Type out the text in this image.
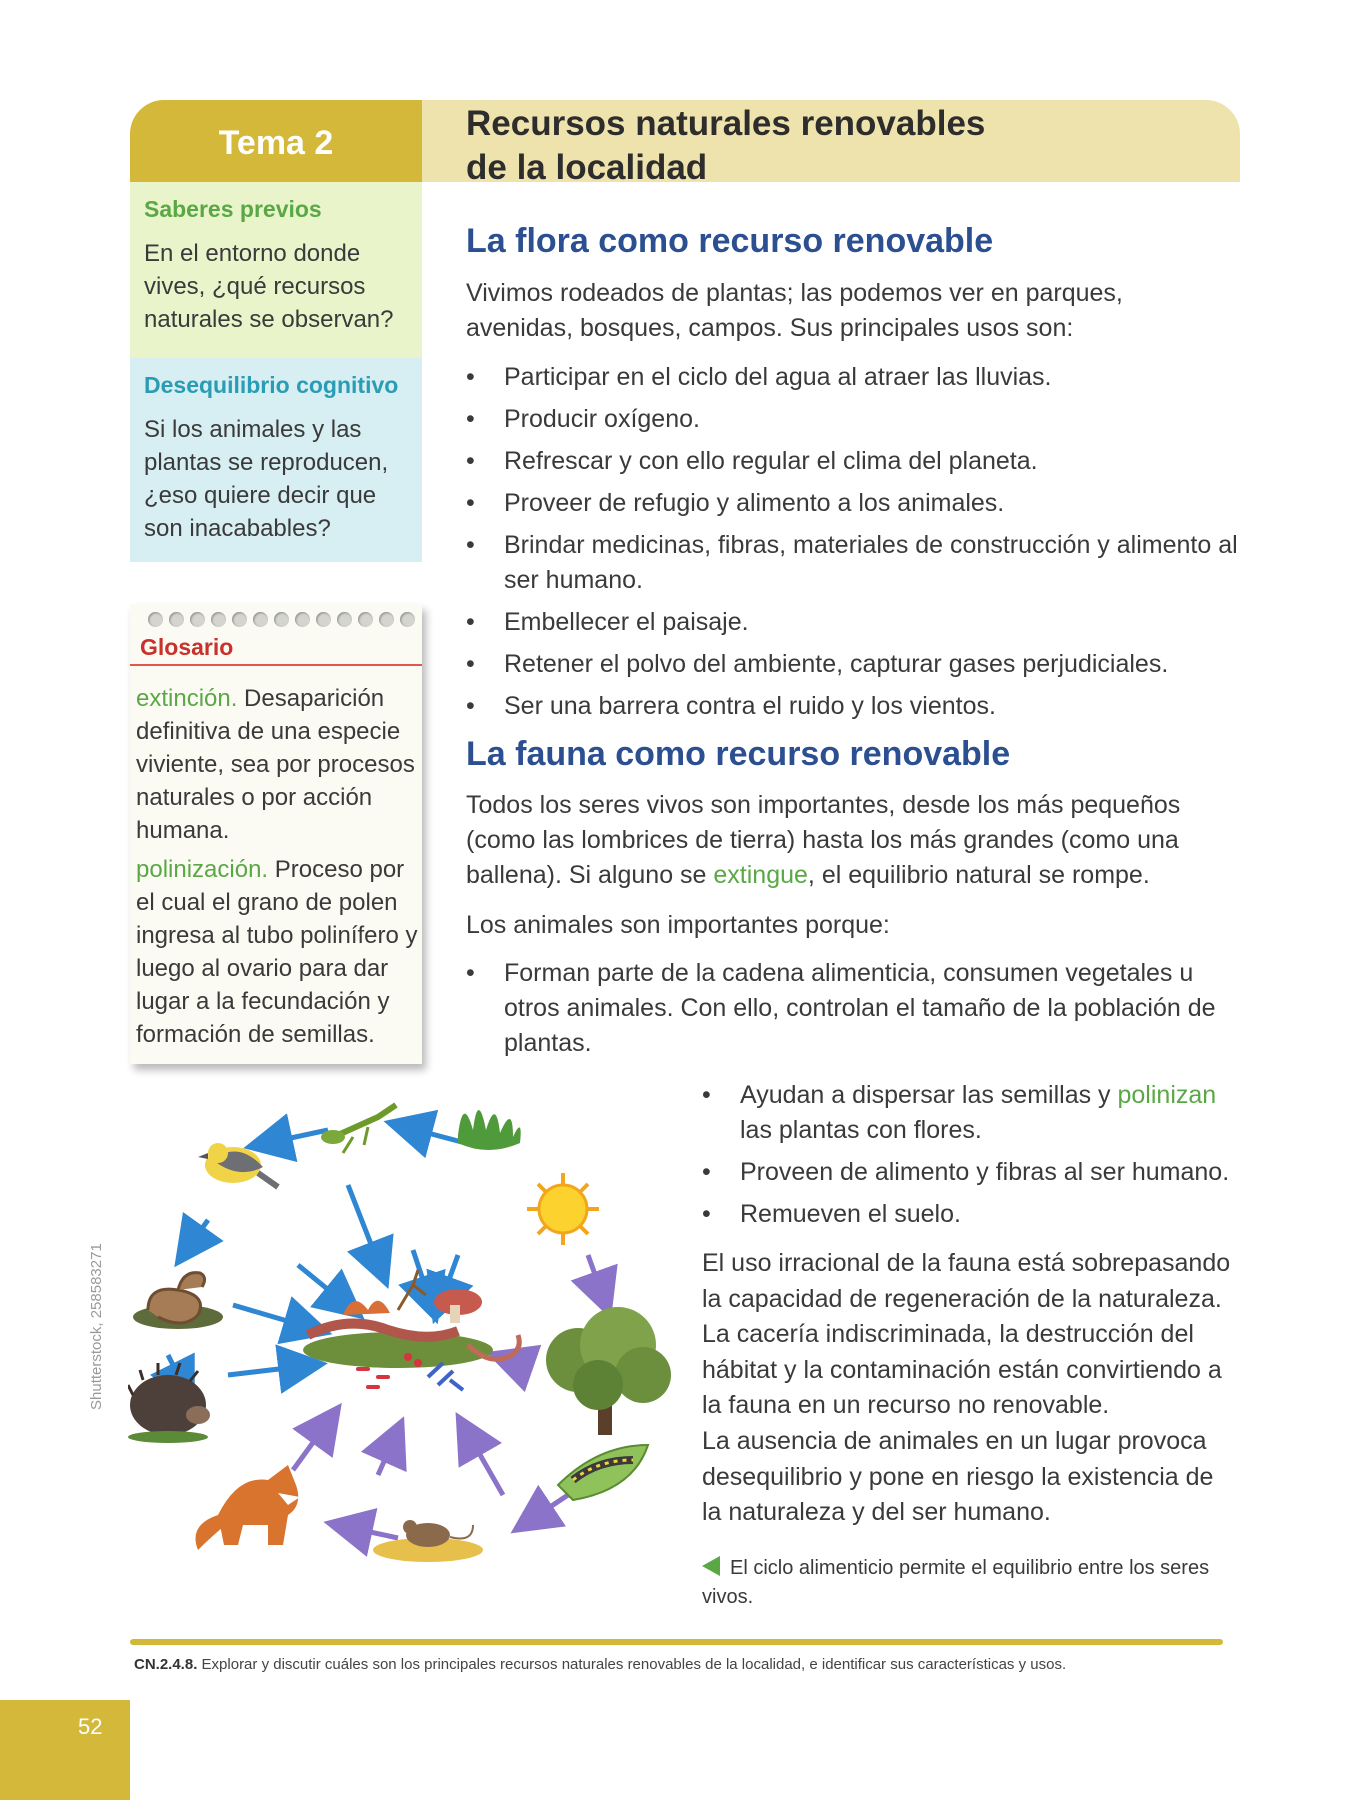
Tema 2	Recursos naturales renovables
de la localidad
Saberes previos

En el entorno donde vives, ¿qué recursos naturales se observan?

Desequilibrio cognitivo

Si los animales y las plantas se reproducen, ¿eso quiere decir que son inacabables?

Glosario

extinción. Desaparición definitiva de una especie viviente, sea por procesos naturales o por acción humana.

polinización. Proceso por el cual el grano de polen ingresa al tubo polinífero y luego al ovario para dar lugar a la fecundación y formación de semillas.

La flora como recurso renovable

Vivimos rodeados de plantas; las podemos ver en parques, avenidas, bosques, campos. Sus principales usos son:

• Participar en el ciclo del agua al atraer las lluvias.
• Producir oxígeno.
• Refrescar y con ello regular el clima del planeta.
• Proveer de refugio y alimento a los animales.
• Brindar medicinas, fibras, materiales de construcción y alimento al ser humano.
• Embellecer el paisaje.
• Retener el polvo del ambiente, capturar gases perjudiciales.
• Ser una barrera contra el ruido y los vientos.
La fauna como recurso renovable

Todos los seres vivos son importantes, desde los más pequeños (como las lombrices de tierra) hasta los más grandes (como una ballena). Si alguno se extingue, el equilibrio natural se rompe.

Los animales son importantes porque:

• Forman parte de la cadena alimenticia, consumen vegetales u otros animales. Con ello, controlan el tamaño de la población de plantas.
• Ayudan a dispersar las semillas y polinizan las plantas con flores.
• Proveen de alimento y fibras al ser humano.
• Remueven el suelo.

El uso irracional de la fauna está sobrepasando la capacidad de regeneración de la naturaleza. La cacería indiscriminada, la destrucción del hábitat y la contaminación están convirtiendo a la fauna en un recurso no renovable.

La ausencia de animales en un lugar provoca desequilibrio y pone en riesgo la existencia de la naturaleza y del ser humano.

El ciclo alimenticio permite el equilibrio entre los seres vivos.

Shutterstock, 258583271

CN.2.4.8. Explorar y discutir cuáles son los principales recursos naturales renovables de la localidad, e identificar sus características y usos.

52
